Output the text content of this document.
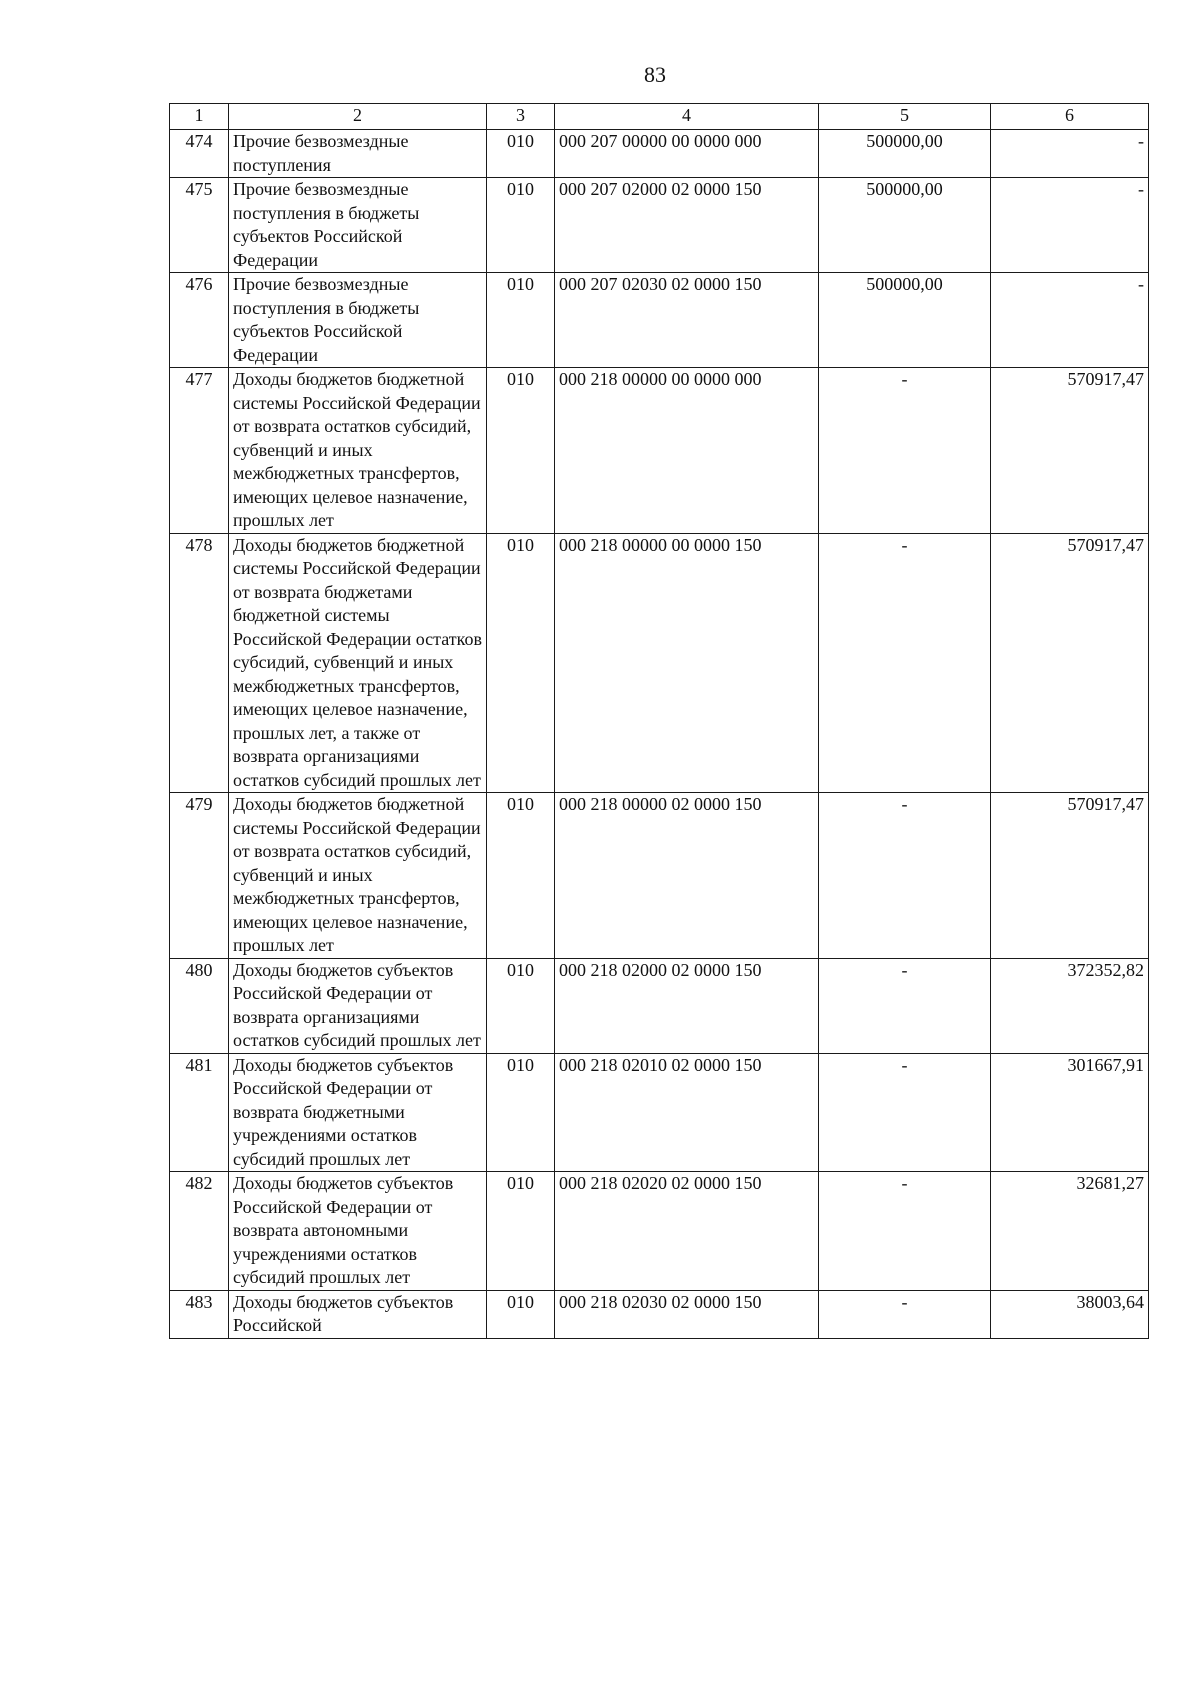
83
1	2	3	4	5	6
474	Прочие безвозмездные поступления	010	000 207 00000 00 0000 000	500000,00	-
475	Прочие безвозмездные поступления в бюджеты субъектов Российской Федерации	010	000 207 02000 02 0000 150	500000,00	-
476	Прочие безвозмездные поступления в бюджеты субъектов Российской Федерации	010	000 207 02030 02 0000 150	500000,00	-
477	Доходы бюджетов бюджетной системы Российской Федерации от возврата остатков субсидий, субвенций и иных межбюджетных трансфертов, имеющих целевое назначение, прошлых лет	010	000 218 00000 00 0000 000	-	570917,47
478	Доходы бюджетов бюджетной системы Российской Федерации от возврата бюджетами бюджетной системы Российской Федерации остатков субсидий, субвенций и иных межбюджетных трансфертов, имеющих целевое назначение, прошлых лет, а также от возврата организациями остатков субсидий прошлых лет	010	000 218 00000 00 0000 150	-	570917,47
479	Доходы бюджетов бюджетной системы Российской Федерации от возврата остатков субсидий, субвенций и иных межбюджетных трансфертов, имеющих целевое назначение, прошлых лет	010	000 218 00000 02 0000 150	-	570917,47
480	Доходы бюджетов субъектов Российской Федерации от возврата организациями остатков субсидий прошлых лет	010	000 218 02000 02 0000 150	-	372352,82
481	Доходы бюджетов субъектов Российской Федерации от возврата бюджетными учреждениями остатков субсидий прошлых лет	010	000 218 02010 02 0000 150	-	301667,91
482	Доходы бюджетов субъектов Российской Федерации от возврата автономными учреждениями остатков субсидий прошлых лет	010	000 218 02020 02 0000 150	-	32681,27
483	Доходы бюджетов субъектов Российской	010	000 218 02030 02 0000 150	-	38003,64
